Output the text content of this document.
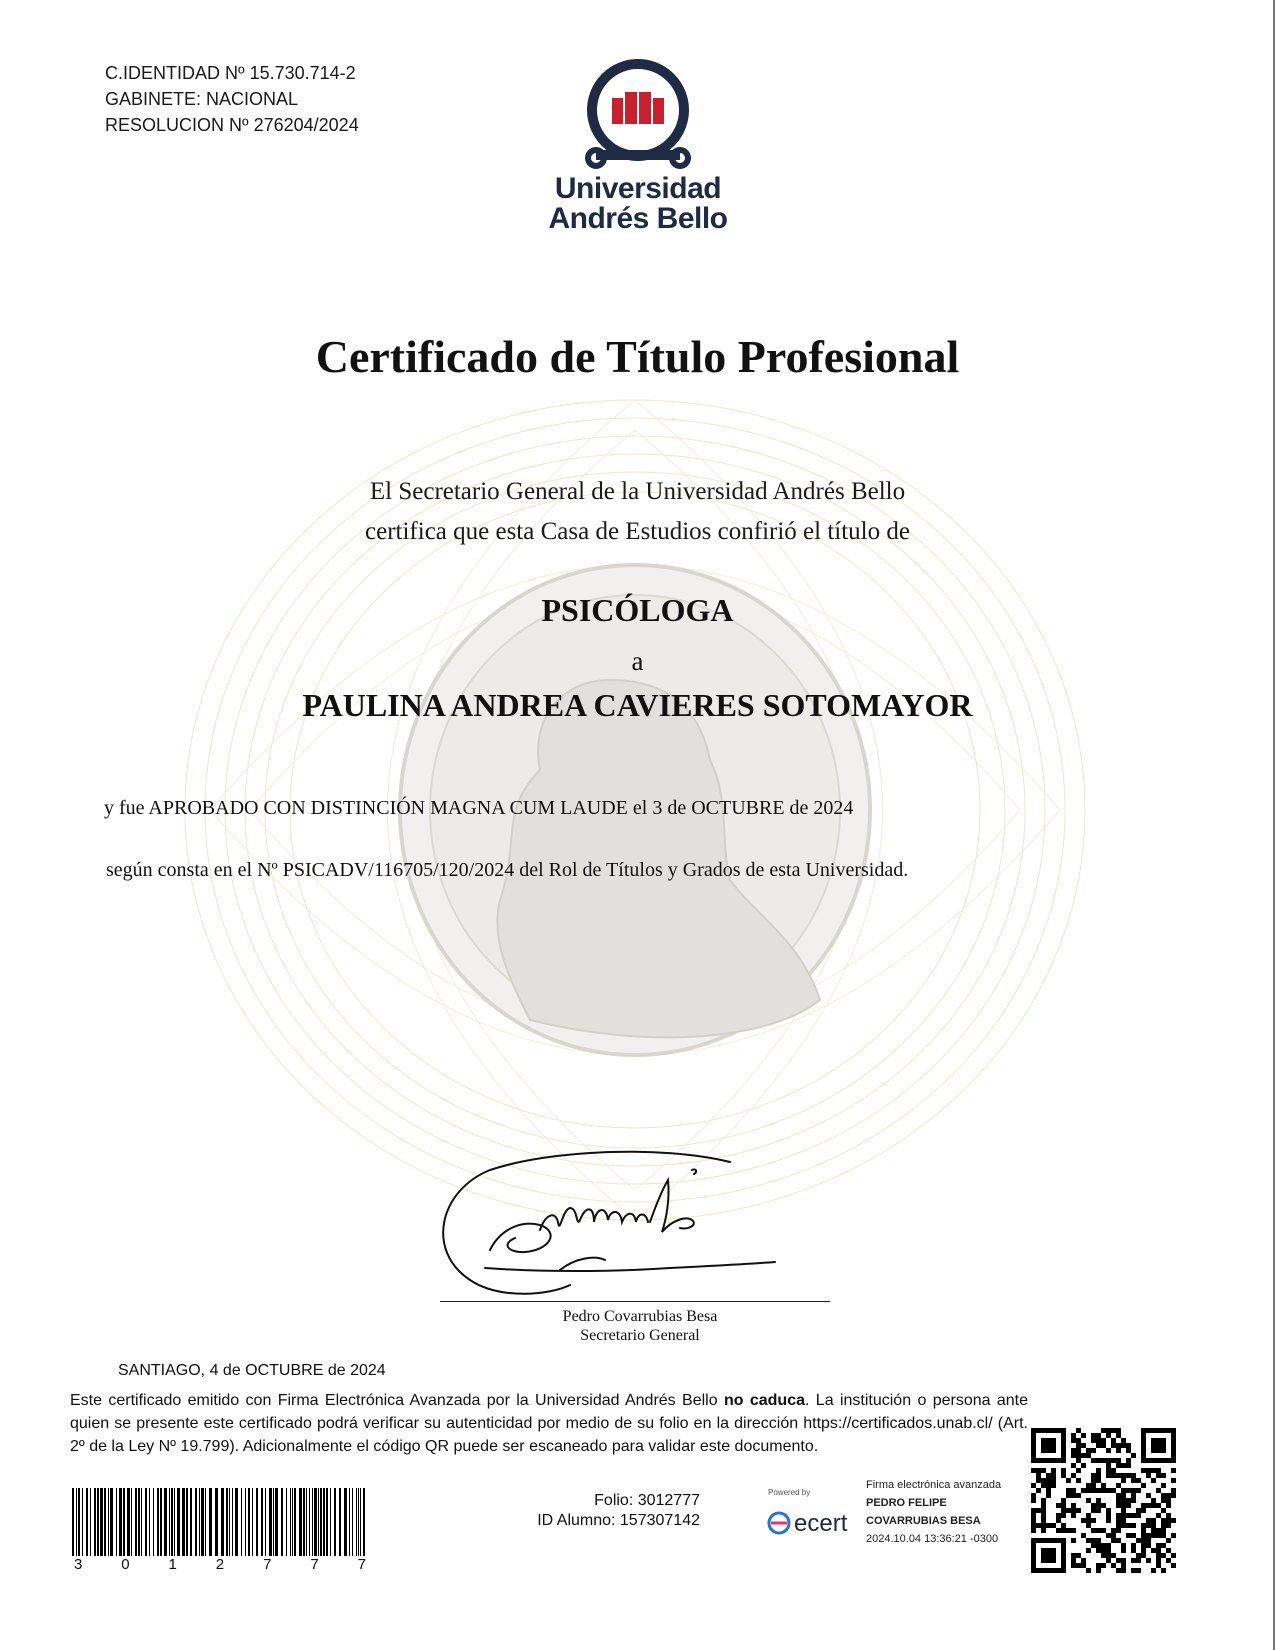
C.IDENTIDAD Nº 15.730.714-2
GABINETE: NACIONAL
RESOLUCION Nº 276204/2024
Universidad
Andrés Bello
Certificado de Título Profesional
El Secretario General de la Universidad Andrés Bello
certifica que esta Casa de Estudios confirió el título de
PSICÓLOGA
a
PAULINA ANDREA CAVIERES SOTOMAYOR
y fue APROBADO CON DISTINCIÓN MAGNA CUM LAUDE el 3 de OCTUBRE de 2024
según consta en el Nº PSICADV/116705/120/2024 del Rol de Títulos y Grados de esta Universidad.
Pedro Covarrubias Besa
Secretario General
SANTIAGO, 4 de OCTUBRE de 2024
Este certificado emitido con Firma Electrónica Avanzada por la Universidad Andrés Bello no caduca. La institución o persona ante quien se presente este certificado podrá verificar su autenticidad por medio de su folio en la dirección https://certificados.unab.cl/ (Art. 2º de la Ley Nº 19.799). Adicionalmente el código QR puede ser escaneado para validar este documento.
3	0	1	2	7	7	7
Folio: 3012777
ID Alumno: 157307142
Powered by
ecert
Firma electrónica avanzada
PEDRO FELIPE
COVARRUBIAS BESA
2024.10.04 13:36:21 -0300
